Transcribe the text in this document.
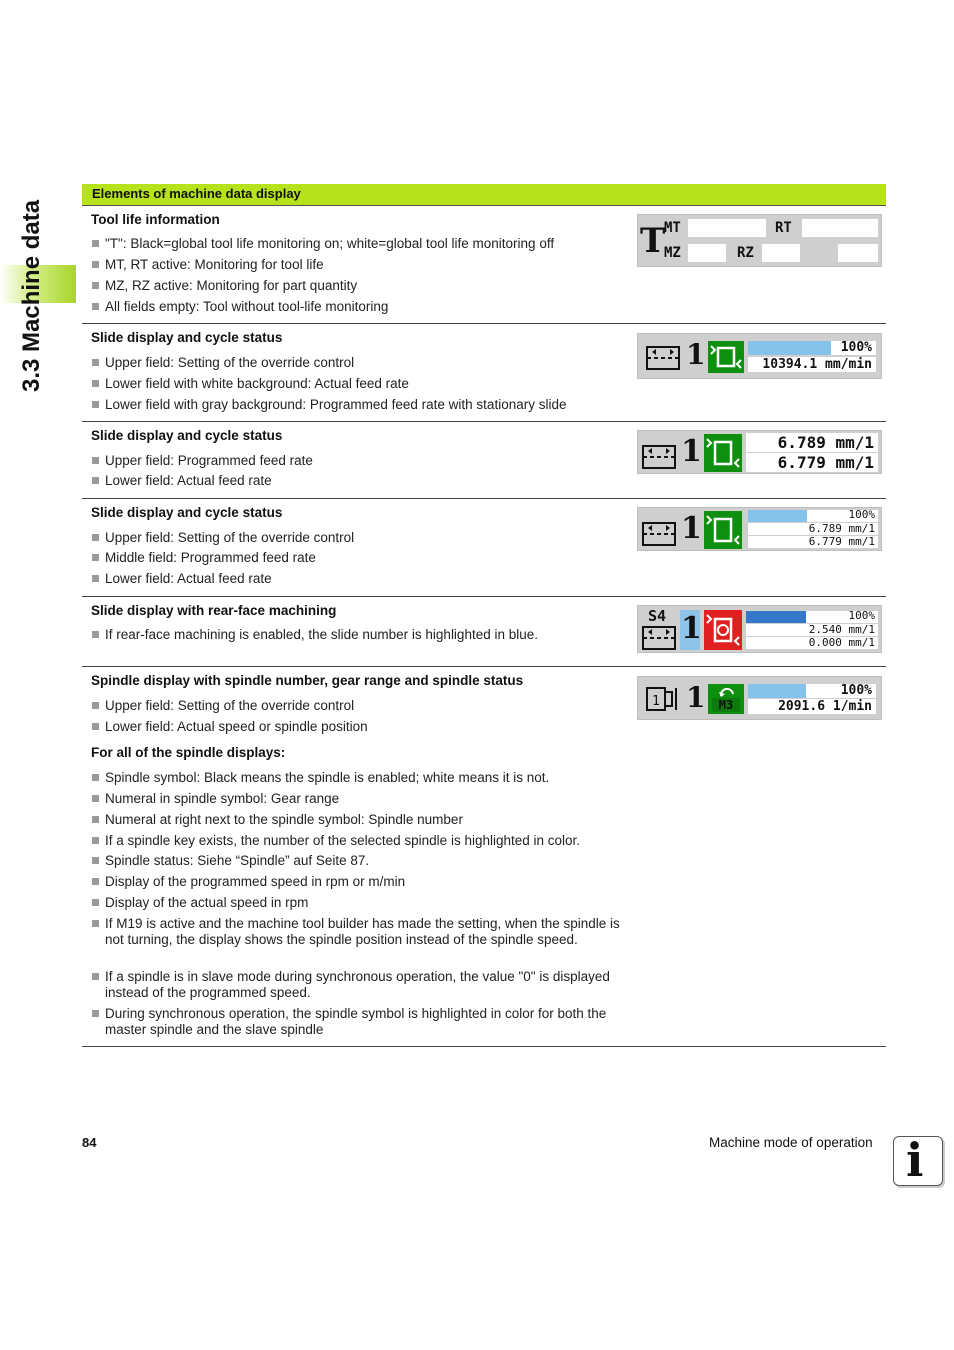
3.3 Machine data
Elements of machine data display
Tool life information
"T": Black=global tool life monitoring on; white=global tool life monitoring off
MT, RT active: Monitoring for tool life
MZ, RZ active: Monitoring for part quantity
All fields empty: Tool without tool-life monitoring
T
MT	RT
MZ	RZ
Slide display and cycle status
Upper field: Setting of the override control
Lower field with white background: Actual feed rate
Lower field with gray background: Programmed feed rate with stationary slide
1	100%
10394.1 mm/min
Slide display and cycle status
Upper field: Programmed feed rate
Lower field: Actual feed rate
1	6.789 mm/1
6.779 mm/1
Slide display and cycle status
Upper field: Setting of the override control
Middle field: Programmed feed rate
Lower field: Actual feed rate
1	100%
6.789 mm/1
6.779 mm/1
Slide display with rear-face machining
If rear-face machining is enabled, the slide number is highlighted in blue.
S4 1	100%
2.540 mm/1
0.000 mm/1
Spindle display with spindle number, gear range and spindle status
Upper field: Setting of the override control
Lower field: Actual speed or spindle position
For all of the spindle displays:
Spindle symbol: Black means the spindle is enabled; white means it is not.
Numeral in spindle symbol: Gear range
Numeral at right next to the spindle symbol: Spindle number
If a spindle key exists, the number of the selected spindle is highlighted in color.
Spindle status: Siehe “Spindle” auf Seite 87.
Display of the programmed speed in rpm or m/min
Display of the actual speed in rpm
If M19 is active and the machine tool builder has made the setting, when the spindle is not turning, the display shows the spindle position instead of the spindle speed.
If a spindle is in slave mode during synchronous operation, the value "0" is displayed instead of the programmed speed.
During synchronous operation, the spindle symbol is highlighted in color for both the master spindle and the slave spindle
1 1	M3
100%
2091.6 1/min
84	Machine mode of operation i
